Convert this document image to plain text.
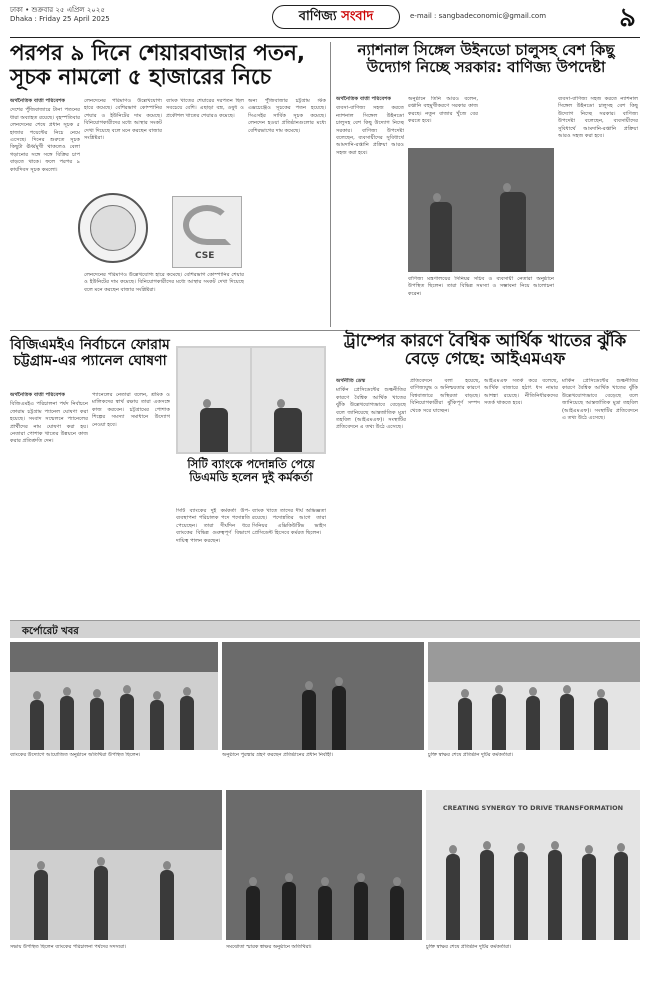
ঢাকা • শুক্রবার ২৫ এপ্রিল ২০২৫
Dhaka : Friday 25 April 2025	বাণিজ্য সংবাদ	e-mail : sangbadeconomic@gmail.com	৯
পরপর ৯ দিনে শেয়ারবাজার পতন, সূচক নামলো ৫ হাজারের নিচে
অর্থনৈতিক বার্তা পরিবেশক
দেশের পুঁজিবাজারে টানা পতনের ধারা অব্যাহত রয়েছে। বৃহস্পতিবার লেনদেনের শেষে প্রধান সূচক ৫ হাজার পয়েন্টের নিচে নেমে এসেছে। দিনের শুরুতে সূচক কিছুটা ঊর্ধ্বমুখী থাকলেও বেলা গড়ানোর সঙ্গে সঙ্গে বিক্রির চাপ বাড়তে থাকে। ফলে পরপর ৯ কার্যদিবস সূচক কমলো।
লেনদেনের পরিমাণও উল্লেখযোগ্য হারে কমেছে। বেশিরভাগ কোম্পানির শেয়ার ও ইউনিটের দাম কমেছে। বিনিয়োগকারীদের মধ্যে আস্থার সংকট দেখা দিয়েছে বলে মনে করছেন বাজার সংশ্লিষ্টরা।
ব্যাংক খাতের শেয়ারের দরপতন ছিল সবচেয়ে বেশি। এছাড়া বস্ত্র, ওষুধ ও প্রকৌশল খাতের শেয়ারও কমেছে।
অন্য পুঁজিবাজার চট্টগ্রাম স্টক এক্সচেঞ্জেও সূচকের পতন হয়েছে। সিএসইর সার্বিক সূচক কমেছে। লেনদেন হওয়া প্রতিষ্ঠানগুলোর মধ্যে বেশিরভাগের দাম কমেছে।
CSE
লেনদেনের পরিমাণও উল্লেখযোগ্য হারে কমেছে। বেশিরভাগ কোম্পানির শেয়ার ও ইউনিটের দাম কমেছে। বিনিয়োগকারীদের মধ্যে আস্থার সংকট দেখা দিয়েছে বলে মনে করছেন বাজার সংশ্লিষ্টরা।
ন্যাশনাল সিঙ্গেল উইনডো চালুসহ বেশ কিছু উদ্যোগ নিচ্ছে সরকার: বাণিজ্য উপদেষ্টা
অর্থনৈতিক বার্তা পরিবেশক
ব্যবসা-বাণিজ্য সহজ করতে ন্যাশনাল সিঙ্গেল উইনডো চালুসহ বেশ কিছু উদ্যোগ নিচ্ছে সরকার। বাণিজ্য উপদেষ্টা বলেছেন, ব্যবসায়ীদের সুবিধার্থে আমদানি-রপ্তানি প্রক্রিয়া আরও সহজ করা হবে।
অনুষ্ঠানে তিনি আরও বলেন, রপ্তানি বহুমুখীকরণে সরকার কাজ করছে। নতুন বাজার খুঁজে বের করতে হবে।
বাণিজ্য মন্ত্রণালয়ের সিনিয়র সচিব ও ব্যবসায়ী নেতারা অনুষ্ঠানে উপস্থিত ছিলেন। তারা বিভিন্ন সমস্যা ও সম্ভাবনা নিয়ে আলোচনা করেন।
ব্যবসা-বাণিজ্য সহজ করতে ন্যাশনাল সিঙ্গেল উইনডো চালুসহ বেশ কিছু উদ্যোগ নিচ্ছে সরকার। বাণিজ্য উপদেষ্টা বলেছেন, ব্যবসায়ীদের সুবিধার্থে আমদানি-রপ্তানি প্রক্রিয়া আরও সহজ করা হবে।
বিজিএমইএ নির্বাচনে ফোরাম চট্টগ্রাম-এর প্যানেল ঘোষণা
অর্থনৈতিক বার্তা পরিবেশক
বিজিএমইএ পরিচালনা পর্ষদ নির্বাচনে ফোরাম চট্টগ্রাম প্যানেল ঘোষণা করা হয়েছে। সংবাদ সম্মেলনে প্যানেলের প্রার্থীদের নাম ঘোষণা করা হয়। নেতারা পোশাক খাতের উন্নয়নে কাজ করার প্রতিশ্রুতি দেন।
প্যানেলের নেতারা বলেন, শ্রমিক ও মালিকদের স্বার্থ রক্ষায় তারা একসঙ্গে কাজ করবেন। চট্টগ্রামের পোশাক শিল্পের সমস্যা সমাধানে উদ্যোগ নেওয়া হবে।
সিটি ব্যাংকে পদোন্নতি পেয়ে ডিএমডি হলেন দুই কর্মকর্তা
সিটি ব্যাংকের দুই কর্মকর্তা উপ-ব্যবস্থাপনা পরিচালক পদে পদোন্নতি পেয়েছেন। তারা দীর্ঘদিন ধরে ব্যাংকের বিভিন্ন গুরুত্বপূর্ণ বিভাগে দায়িত্ব পালন করছেন।
ব্যাংক খাতে তাদের দীর্ঘ অভিজ্ঞতা রয়েছে। পদোন্নতির আগে তারা সিনিয়র এক্সিকিউটিভ ভাইস প্রেসিডেন্ট হিসেবে কর্মরত ছিলেন।
ট্রাম্পের কারণে বৈশ্বিক আর্থিক খাতের ঝুঁকি বেড়ে গেছে: আইএমএফ
অর্থনীতি ডেস্ক
মার্কিন প্রেসিডেন্টের শুল্কনীতির কারণে বৈশ্বিক আর্থিক খাতের ঝুঁকি উল্লেখযোগ্যভাবে বেড়েছে বলে জানিয়েছে আন্তর্জাতিক মুদ্রা তহবিল (আইএমএফ)। সংস্থাটির প্রতিবেদনে এ তথ্য উঠে এসেছে।
প্রতিবেদনে বলা হয়েছে, বাণিজ্যযুদ্ধ ও অনিশ্চয়তার কারণে বিশ্ববাজারে অস্থিরতা বাড়ছে। বিনিয়োগকারীরা ঝুঁকিপূর্ণ সম্পদ থেকে সরে যাচ্ছেন।
আইএমএফ সতর্ক করে বলেছে, আর্থিক বাজারে হঠাৎ ধস নামার আশঙ্কা রয়েছে। নীতিনির্ধারকদের সতর্ক থাকতে হবে।
মার্কিন প্রেসিডেন্টের শুল্কনীতির কারণে বৈশ্বিক আর্থিক খাতের ঝুঁকি উল্লেখযোগ্যভাবে বেড়েছে বলে জানিয়েছে আন্তর্জাতিক মুদ্রা তহবিল (আইএমএফ)। সংস্থাটির প্রতিবেদনে এ তথ্য উঠে এসেছে।
কর্পোরেট খবর
ব্যাংকের উদ্যোগে আয়োজিত অনুষ্ঠানে অতিথিরা উপস্থিত ছিলেন।	অনুষ্ঠানে পুরস্কার গ্রহণ করছেন প্রতিষ্ঠানের প্রধান নির্বাহী।	চুক্তি স্বাক্ষর শেষে প্রতিষ্ঠান দুটির কর্মকর্তারা।
CREATING SYNERGY TO DRIVE TRANSFORMATION
সভায় উপস্থিত ছিলেন ব্যাংকের পরিচালনা পর্ষদের সদস্যরা।	সমঝোতা স্মারক স্বাক্ষর অনুষ্ঠানে অতিথিরা।	চুক্তি স্বাক্ষর শেষে প্রতিষ্ঠান দুটির কর্মকর্তারা।
